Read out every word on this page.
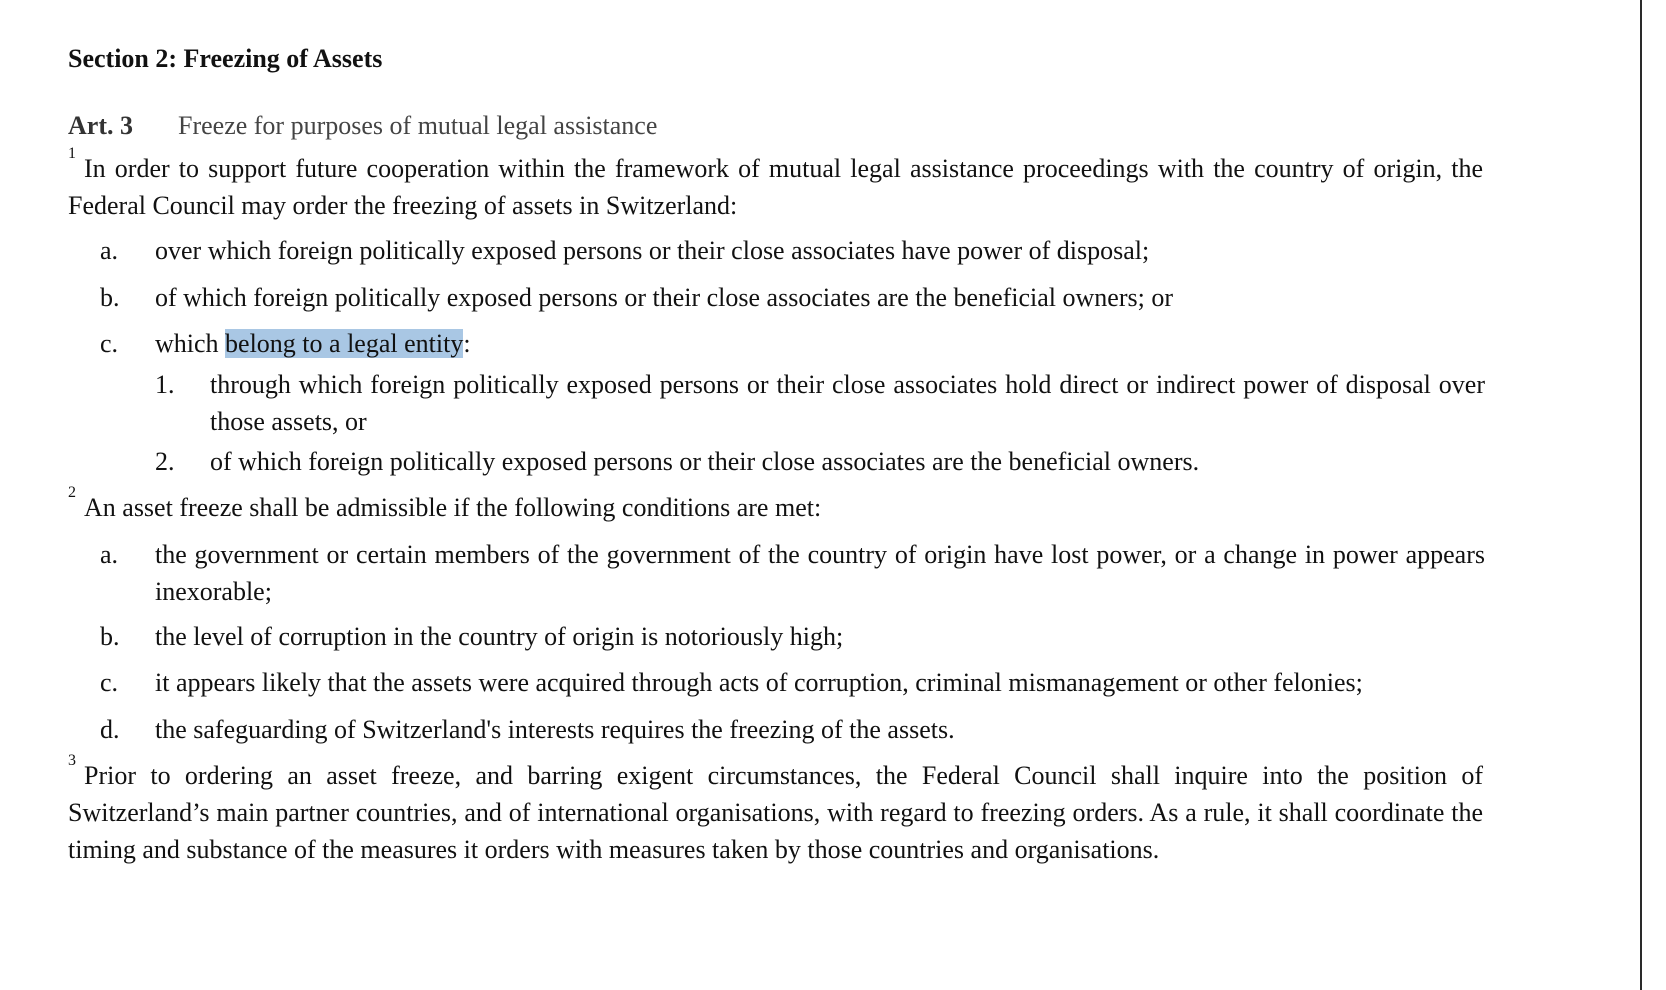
Section 2: Freezing of Assets
Art. 3 Freeze for purposes of mutual legal assistance
$^1$In order to support future cooperation within the framework of mutual legal assistance proceedings with the country of origin, the Federal Council may order the freezing of assets in Switzerland:
a. over which foreign politically exposed persons or their close associates have power of disposal;
b. of which foreign politically exposed persons or their close associates are the beneficial owners; or
c. which belong to a legal entity:
1. through which foreign politically exposed persons or their close associates hold direct or indirect power of disposal over those assets, or
2. of which foreign politically exposed persons or their close associates are the beneficial owners.
$^2$An asset freeze shall be admissible if the following conditions are met:
a. the government or certain members of the government of the country of origin have lost power, or a change in power appears inexorable;
b. the level of corruption in the country of origin is notoriously high;
c. it appears likely that the assets were acquired through acts of corruption, criminal mismanagement or other felonies;
d. the safeguarding of Switzerland's interests requires the freezing of the assets.
$^3$Prior to ordering an asset freeze, and barring exigent circumstances, the Federal Council shall inquire into the position of Switzerland’s main partner countries, and of international organisations, with regard to freezing orders. As a rule, it shall coordinate the timing and substance of the measures it orders with measures taken by those countries and organisations.
